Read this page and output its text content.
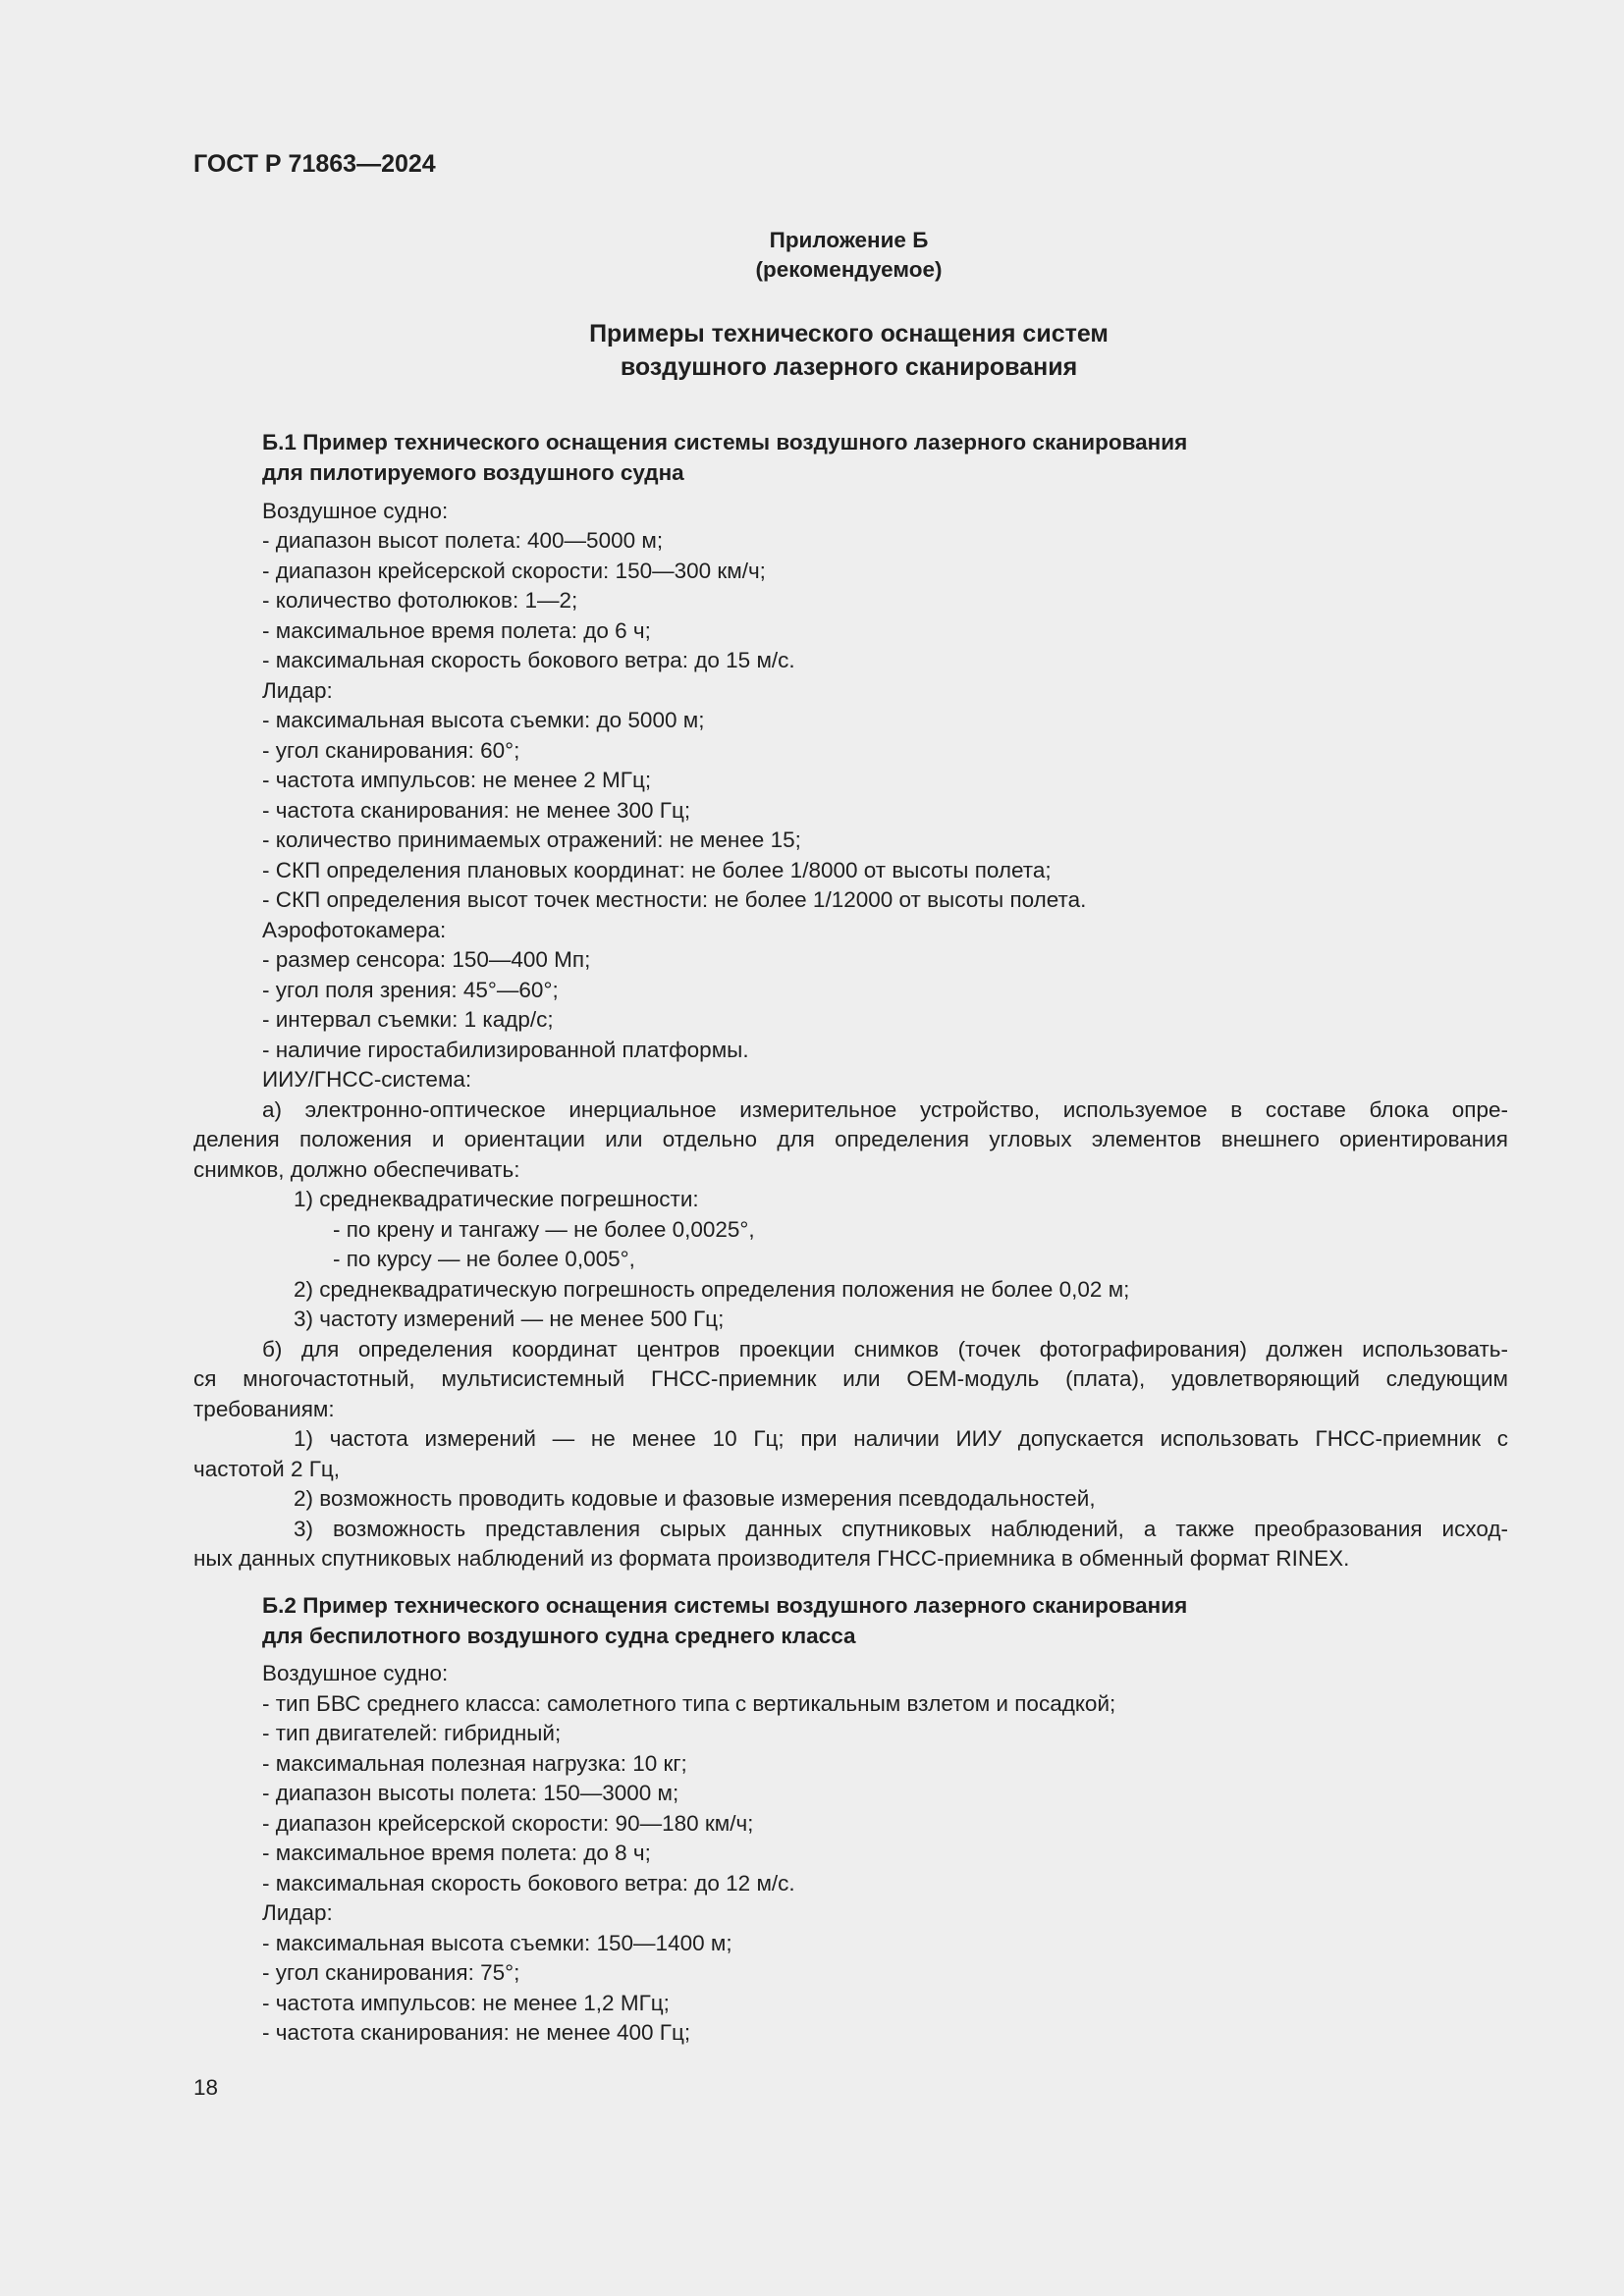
ГОСТ Р 71863—2024
Приложение Б
(рекомендуемое)
Примеры технического оснащения систем
воздушного лазерного сканирования
Б.1 Пример технического оснащения системы воздушного лазерного сканирования
для пилотируемого воздушного судна
Воздушное судно:
- диапазон высот полета: 400—5000 м;
- диапазон крейсерской скорости: 150—300 км/ч;
- количество фотолюков: 1—2;
- максимальное время полета: до 6 ч;
- максимальная скорость бокового ветра: до 15 м/с.
Лидар:
- максимальная высота съемки: до 5000 м;
- угол сканирования: 60°;
- частота импульсов: не менее 2 МГц;
- частота сканирования: не менее 300 Гц;
- количество принимаемых отражений: не менее 15;
- СКП определения плановых координат: не более 1/8000 от высоты полета;
- СКП определения высот точек местности: не более 1/12000 от высоты полета.
Аэрофотокамера:
- размер сенсора: 150—400 Мп;
- угол поля зрения: 45°—60°;
- интервал съемки: 1 кадр/с;
- наличие гиростабилизированной платформы.
ИИУ/ГНСС-система:
а) электронно-оптическое инерциальное измерительное устройство, используемое в составе блока опре-
деления положения и ориентации или отдельно для определения угловых элементов внешнего ориентирования
снимков, должно обеспечивать:
1) среднеквадратические погрешности:
- по крену и тангажу — не более 0,0025°,
- по курсу — не более 0,005°,
2) среднеквадратическую погрешность определения положения не более 0,02 м;
3) частоту измерений — не менее 500 Гц;
б) для определения координат центров проекции снимков (точек фотографирования) должен использовать-
ся многочастотный, мультисистемный ГНСС-приемник или ОЕМ-модуль (плата), удовлетворяющий следующим
требованиям:
1) частота измерений — не менее 10 Гц; при наличии ИИУ допускается использовать ГНСС-приемник с
частотой 2 Гц,
2) возможность проводить кодовые и фазовые измерения псевдодальностей,
3) возможность представления сырых данных спутниковых наблюдений, а также преобразования исход-
ных данных спутниковых наблюдений из формата производителя ГНСС-приемника в обменный формат RINEX.
Б.2 Пример технического оснащения системы воздушного лазерного сканирования
для беспилотного воздушного судна среднего класса
Воздушное судно:
- тип БВС среднего класса: самолетного типа с вертикальным взлетом и посадкой;
- тип двигателей: гибридный;
- максимальная полезная нагрузка: 10 кг;
- диапазон высоты полета: 150—3000 м;
- диапазон крейсерской скорости: 90—180 км/ч;
- максимальное время полета: до 8 ч;
- максимальная скорость бокового ветра: до 12 м/с.
Лидар:
- максимальная высота съемки: 150—1400 м;
- угол сканирования: 75°;
- частота импульсов: не менее 1,2 МГц;
- частота сканирования: не менее 400 Гц;
18
